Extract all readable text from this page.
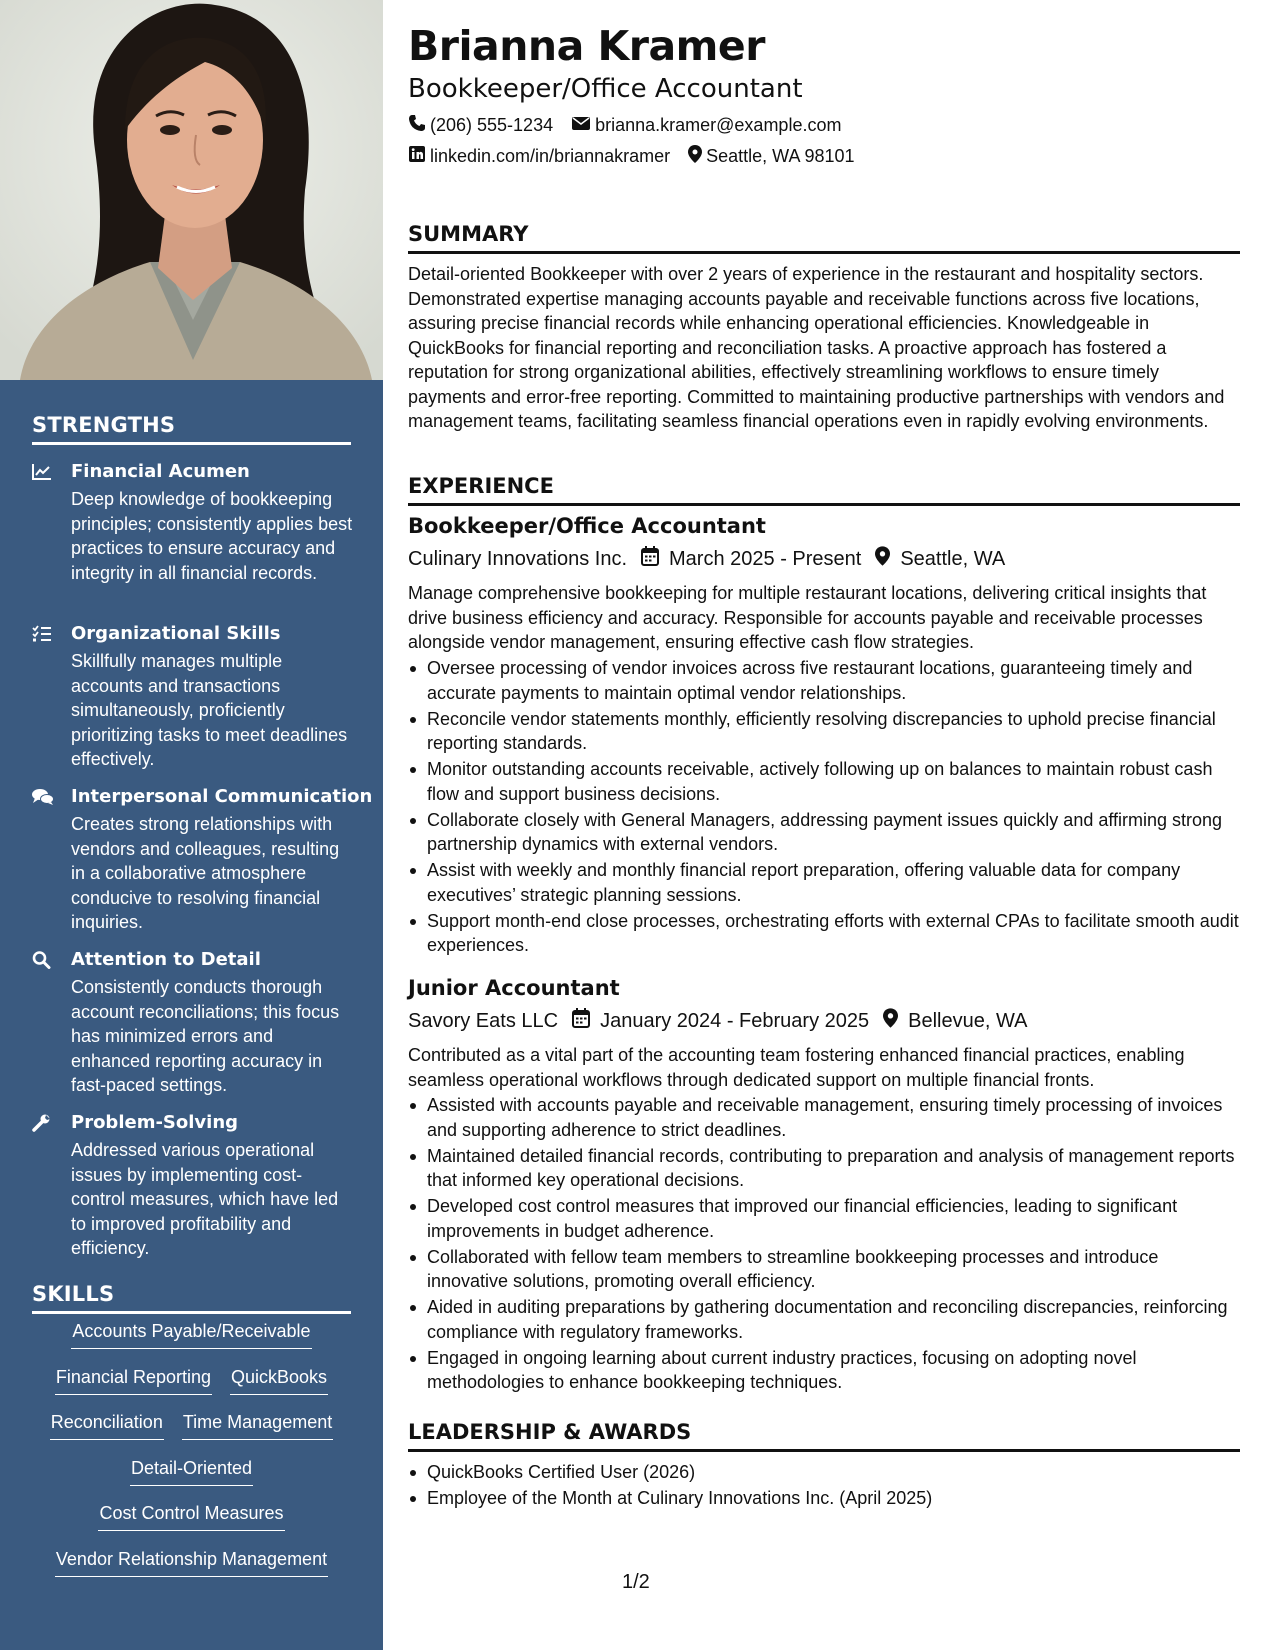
STRENGTHS
Financial Acumen
Deep knowledge of bookkeeping principles; consistently applies best practices to ensure accuracy and integrity in all financial records.
Organizational Skills
Skillfully manages multiple accounts and transactions simultaneously, proficiently prioritizing tasks to meet deadlines effectively.
Interpersonal Communication
Creates strong relationships with vendors and colleagues, resulting in a collaborative atmosphere conducive to resolving financial inquiries.
Attention to Detail
Consistently conducts thorough account reconciliations; this focus has minimized errors and enhanced reporting accuracy in fast-paced settings.
Problem-Solving
Addressed various operational issues by implementing cost-control measures, which have led to improved profitability and efficiency.
SKILLS
Accounts Payable/Receivable
Financial Reporting QuickBooks
Reconciliation Time Management
Detail-Oriented
Cost Control Measures
Vendor Relationship Management
Brianna Kramer
Bookkeeper/Office Accountant
(206) 555-1234 brianna.kramer@example.com
linkedin.com/in/briannakramer Seattle, WA 98101
SUMMARY
Detail-oriented Bookkeeper with over 2 years of experience in the restaurant and hospitality sectors. Demonstrated expertise managing accounts payable and receivable functions across five locations, assuring precise financial records while enhancing operational efficiencies. Knowledgeable in QuickBooks for financial reporting and reconciliation tasks. A proactive approach has fostered a reputation for strong organizational abilities, effectively streamlining workflows to ensure timely payments and error-free reporting. Committed to maintaining productive partnerships with vendors and management teams, facilitating seamless financial operations even in rapidly evolving environments.
EXPERIENCE
Bookkeeper/Office Accountant
Culinary Innovations Inc. March 2025 - Present Seattle, WA
Manage comprehensive bookkeeping for multiple restaurant locations, delivering critical insights that drive business efficiency and accuracy. Responsible for accounts payable and receivable processes alongside vendor management, ensuring effective cash flow strategies.
Oversee processing of vendor invoices across five restaurant locations, guaranteeing timely and accurate payments to maintain optimal vendor relationships.
Reconcile vendor statements monthly, efficiently resolving discrepancies to uphold precise financial reporting standards.
Monitor outstanding accounts receivable, actively following up on balances to maintain robust cash flow and support business decisions.
Collaborate closely with General Managers, addressing payment issues quickly and affirming strong partnership dynamics with external vendors.
Assist with weekly and monthly financial report preparation, offering valuable data for company executives’ strategic planning sessions.
Support month-end close processes, orchestrating efforts with external CPAs to facilitate smooth audit experiences.
Junior Accountant
Savory Eats LLC January 2024 - February 2025 Bellevue, WA
Contributed as a vital part of the accounting team fostering enhanced financial practices, enabling seamless operational workflows through dedicated support on multiple financial fronts.
Assisted with accounts payable and receivable management, ensuring timely processing of invoices and supporting adherence to strict deadlines.
Maintained detailed financial records, contributing to preparation and analysis of management reports that informed key operational decisions.
Developed cost control measures that improved our financial efficiencies, leading to significant improvements in budget adherence.
Collaborated with fellow team members to streamline bookkeeping processes and introduce innovative solutions, promoting overall efficiency.
Aided in auditing preparations by gathering documentation and reconciling discrepancies, reinforcing compliance with regulatory frameworks.
Engaged in ongoing learning about current industry practices, focusing on adopting novel methodologies to enhance bookkeeping techniques.
LEADERSHIP & AWARDS
QuickBooks Certified User (2026)
Employee of the Month at Culinary Innovations Inc. (April 2025)
1/2
